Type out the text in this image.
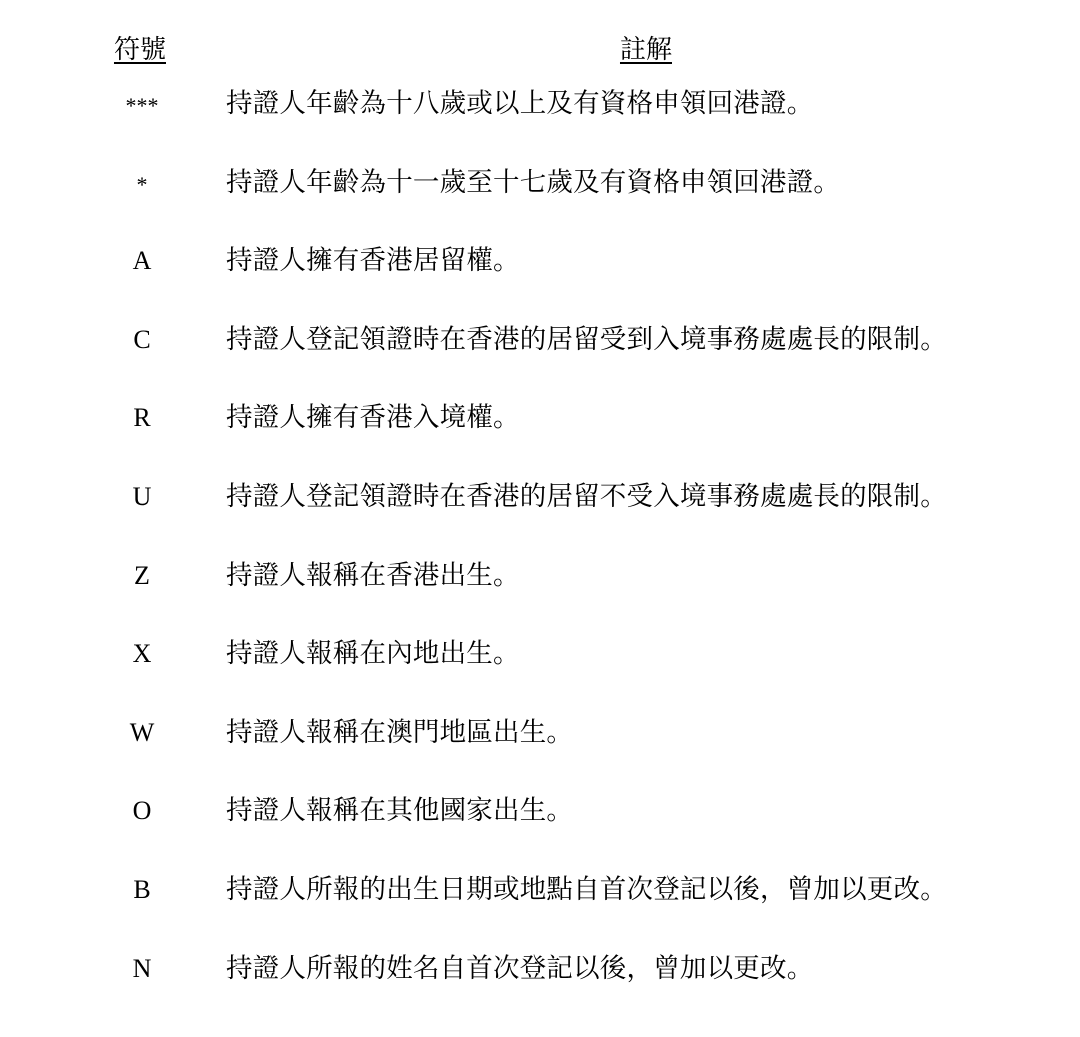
符號	註解
***	持證人年齡為十八歲或以上及有資格申領回港證。
*	持證人年齡為十一歲至十七歲及有資格申領回港證。
A	持證人擁有香港居留權。
C	持證人登記領證時在香港的居留受到入境事務處處長的限制。
R	持證人擁有香港入境權。
U	持證人登記領證時在香港的居留不受入境事務處處長的限制。
Z	持證人報稱在香港出生。
X	持證人報稱在內地出生。
W	持證人報稱在澳門地區出生。
O	持證人報稱在其他國家出生。
B	持證人所報的出生日期或地點自首次登記以後，曾加以更改。
N	持證人所報的姓名自首次登記以後，曾加以更改。
